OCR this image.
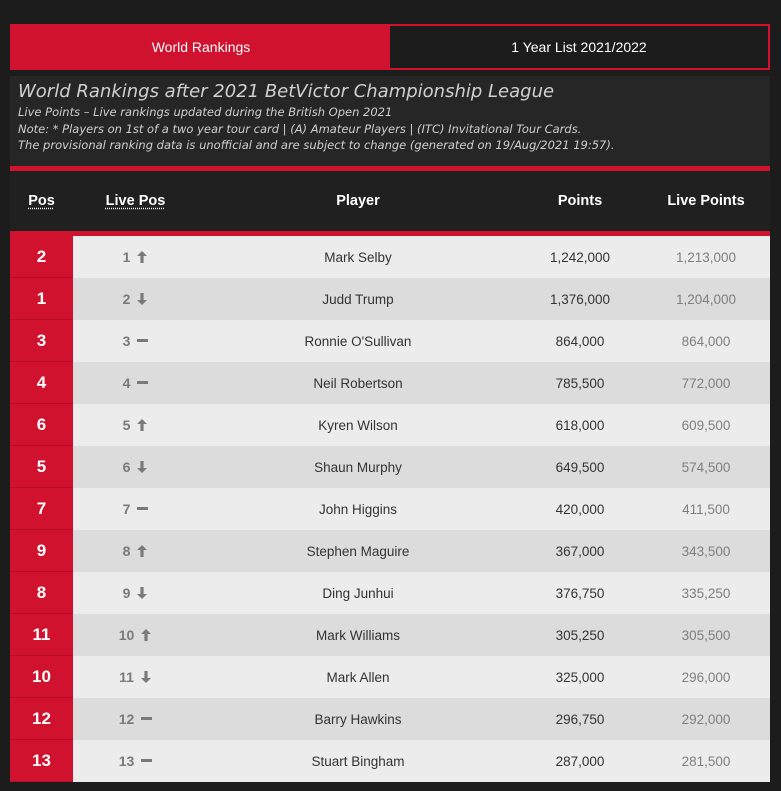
World Rankings	1 Year List 2021/2022
World Rankings after 2021 BetVictor Championship League

Live Points – Live rankings updated during the British Open 2021

Note: * Players on 1st of a two year tour card | (A) Amateur Players | (ITC) Invitational Tour Cards.

The provisional ranking data is unofficial and are subject to change (generated on 19/Aug/2021 19:57).

Pos	Live Pos	Player	Points	Live Points
2	1	Mark Selby	1,242,000	1,213,000
1	2	Judd Trump	1,376,000	1,204,000
3	3	Ronnie O'Sullivan	864,000	864,000
4	4	Neil Robertson	785,500	772,000
6	5	Kyren Wilson	618,000	609,500
5	6	Shaun Murphy	649,500	574,500
7	7	John Higgins	420,000	411,500
9	8	Stephen Maguire	367,000	343,500
8	9	Ding Junhui	376,750	335,250
11	10	Mark Williams	305,250	305,500
10	11	Mark Allen	325,000	296,000
12	12	Barry Hawkins	296,750	292,000
13	13	Stuart Bingham	287,000	281,500
